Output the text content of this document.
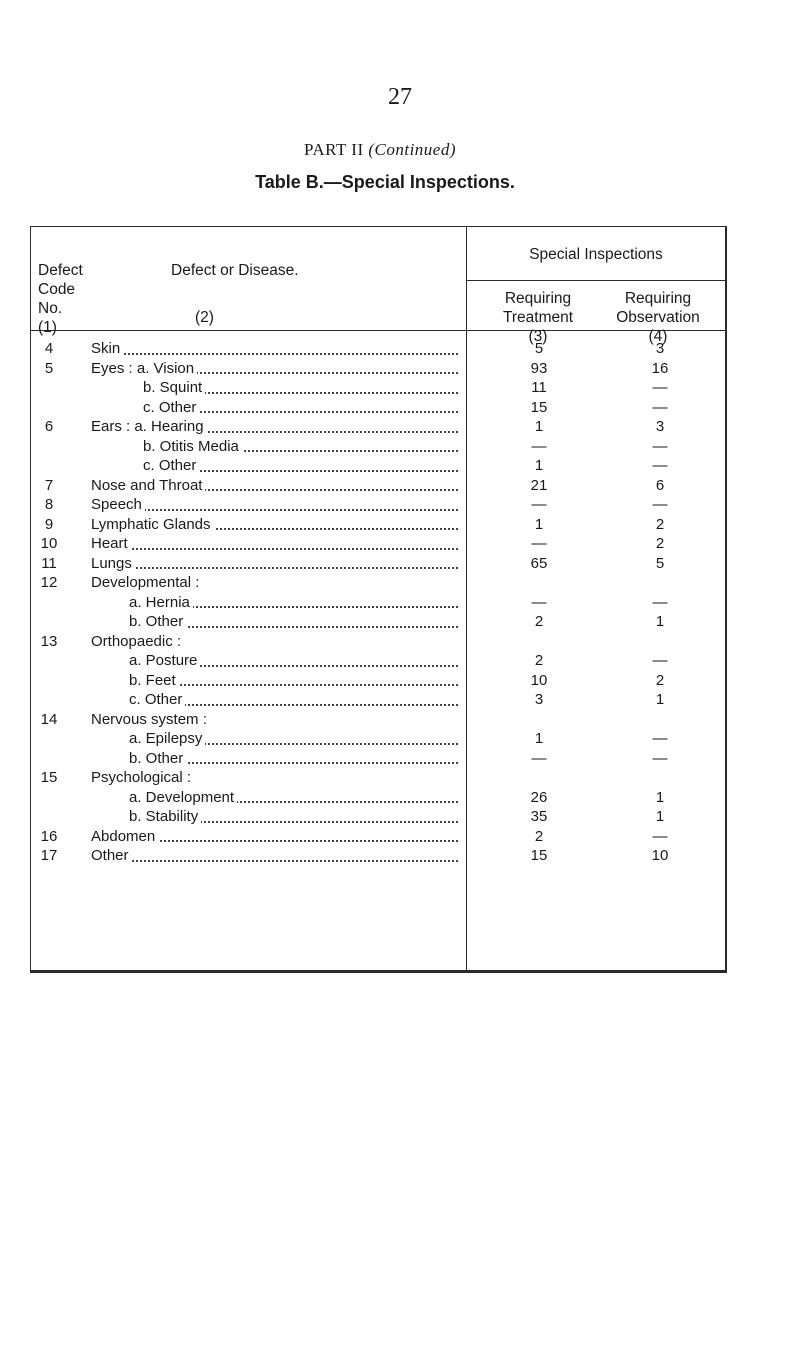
27
PART II (Continued)
Table B.—Special Inspections.
Defect
Code
No.
(1)
Defect or Disease.
(2)
Special Inspections
Requiring
Treatment
(3)
Requiring
Observation
(4)
4	Skin	5	3
5	Eyes : a. Vision	93	16
b. Squint	11	—
c. Other	15	—
6	Ears : a. Hearing	1	3
b. Otitis Media	—	—
c. Other	1	—
7	Nose and Throat	21	6
8	Speech	—	—
9	Lymphatic Glands	1	2
10 Heart	—	2
11 Lungs	65	5
12 Developmental :
a. Hernia	—	—
b. Other	2	1
13 Orthopaedic :
a. Posture	2	—
b. Feet	10	2
c. Other	3	1
14 Nervous system :
a. Epilepsy	1	—
b. Other	—	—
15 Psychological :
a. Development	26	1
b. Stability	35	1
16 Abdomen	2	—
17 Other	15	10
